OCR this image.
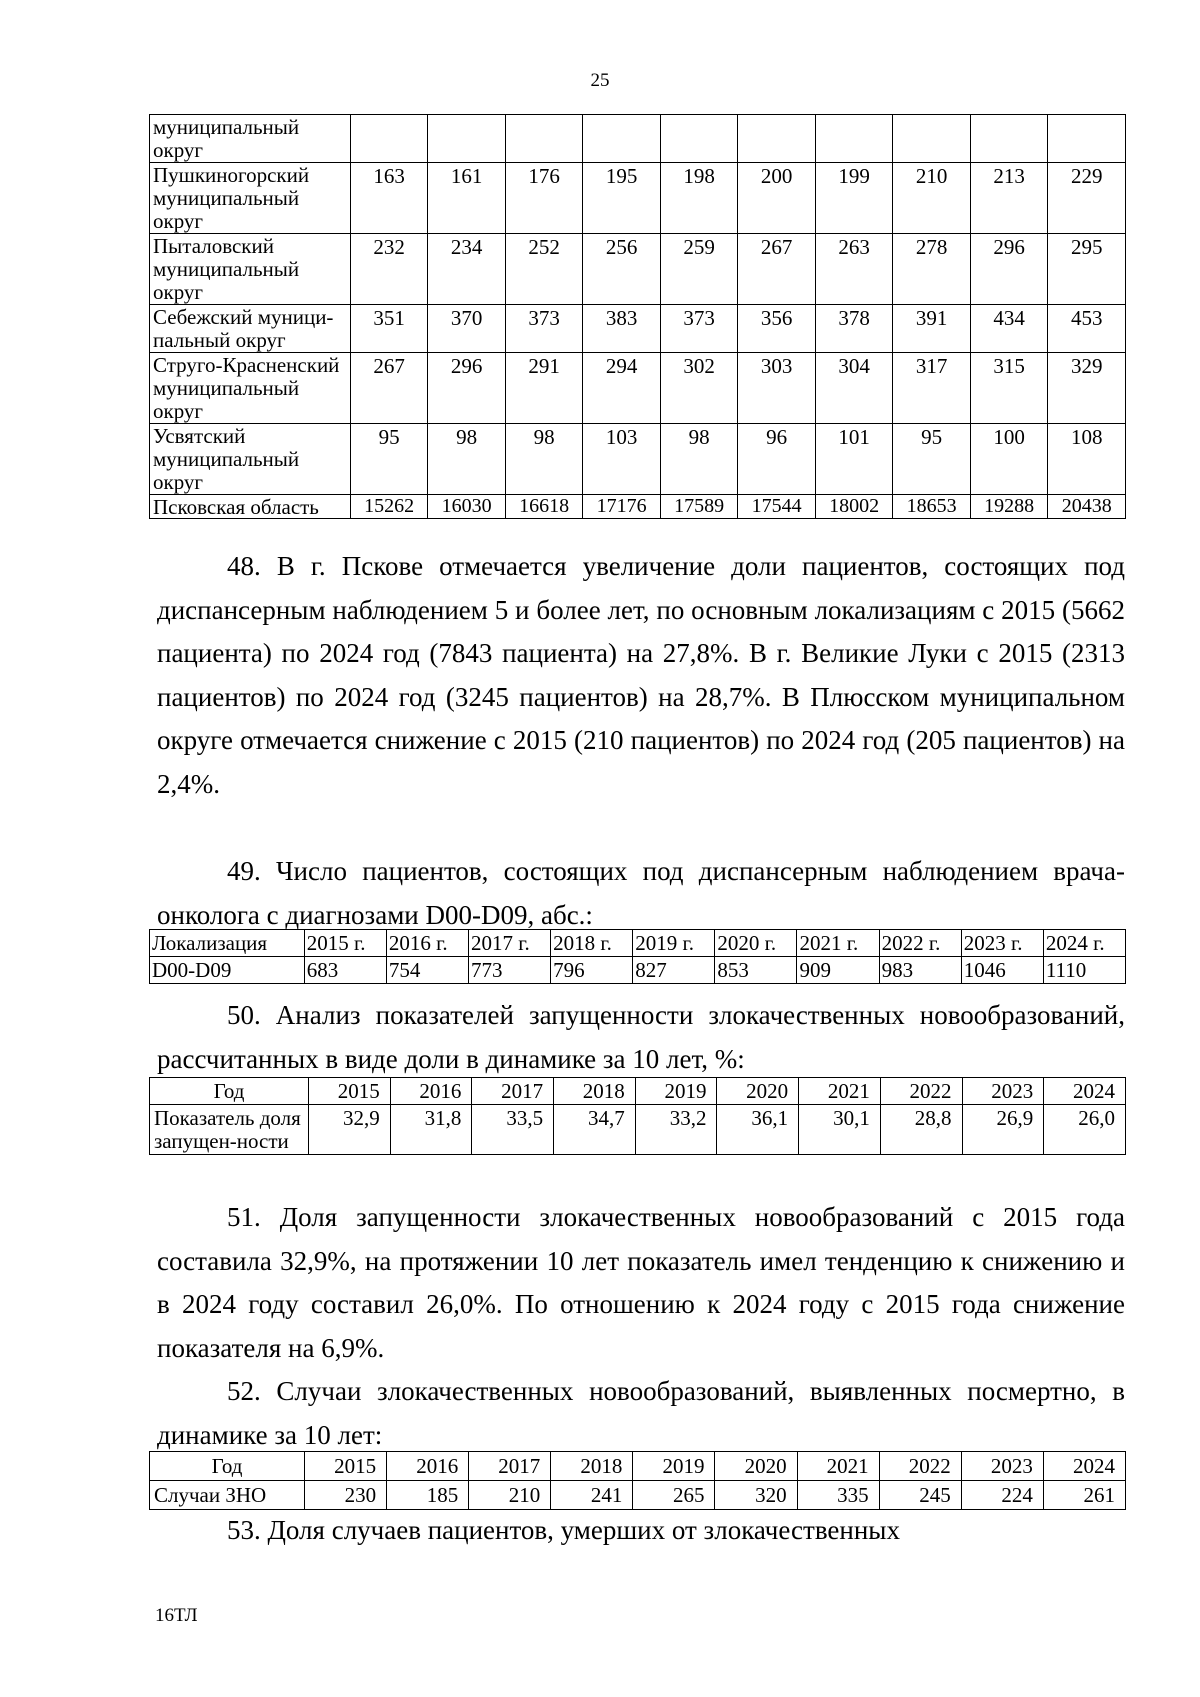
25
муниципальный округ										
Пушкиногорский муниципальный округ	163	161	176	195	198	200	199	210	213	229
Пыталовский муниципальный округ	232	234	252	256	259	267	263	278	296	295
Себежский муници-пальный округ	351	370	373	383	373	356	378	391	434	453
Струго-Красненский муниципальный округ	267	296	291	294	302	303	304	317	315	329
Усвятский муниципальный округ	95	98	98	103	98	96	101	95	100	108
Псковская область	15262	16030	16618	17176	17589	17544	18002	18653	19288	20438

48. В г. Пскове отмечается увеличение доли пациентов, состоящих под диспансерным наблюдением 5 и более лет, по основным локализациям с 2015 (5662 пациента) по 2024 год (7843 пациента) на 27,8%. В г. Великие Луки с 2015 (2313 пациентов) по 2024 год (3245 пациентов) на 28,7%. В Плюсском муниципальном округе отмечается снижение с 2015 (210 пациентов) по 2024 год (205 пациентов) на 2,4%.

49. Число пациентов, состоящих под диспансерным наблюдением врача-онколога с диагнозами D00-D09, абс.:

Локализация	2015 г.	2016 г.	2017 г.	2018 г.	2019 г.	2020 г.	2021 г.	2022 г.	2023 г.	2024 г.
D00-D09	683	754	773	796	827	853	909	983	1046	1110

50. Анализ показателей запущенности злокачественных новообразований, рассчитанных в виде доли в динамике за 10 лет, %:

Год	2015	2016	2017	2018	2019	2020	2021	2022	2023	2024
Показатель доля запущен-ности	32,9	31,8	33,5	34,7	33,2	36,1	30,1	28,8	26,9	26,0

51. Доля запущенности злокачественных новообразований с 2015 года составила 32,9%, на протяжении 10 лет показатель имел тенденцию к снижению и в 2024 году составил 26,0%. По отношению к 2024 году с 2015 года снижение показателя на 6,9%.

52. Случаи злокачественных новообразований, выявленных посмертно, в динамике за 10 лет:

Год	2015	2016	2017	2018	2019	2020	2021	2022	2023	2024
Случаи ЗНО	230	185	210	241	265	320	335	245	224	261

53. Доля случаев пациентов, умерших от злокачественных

16ТЛ
